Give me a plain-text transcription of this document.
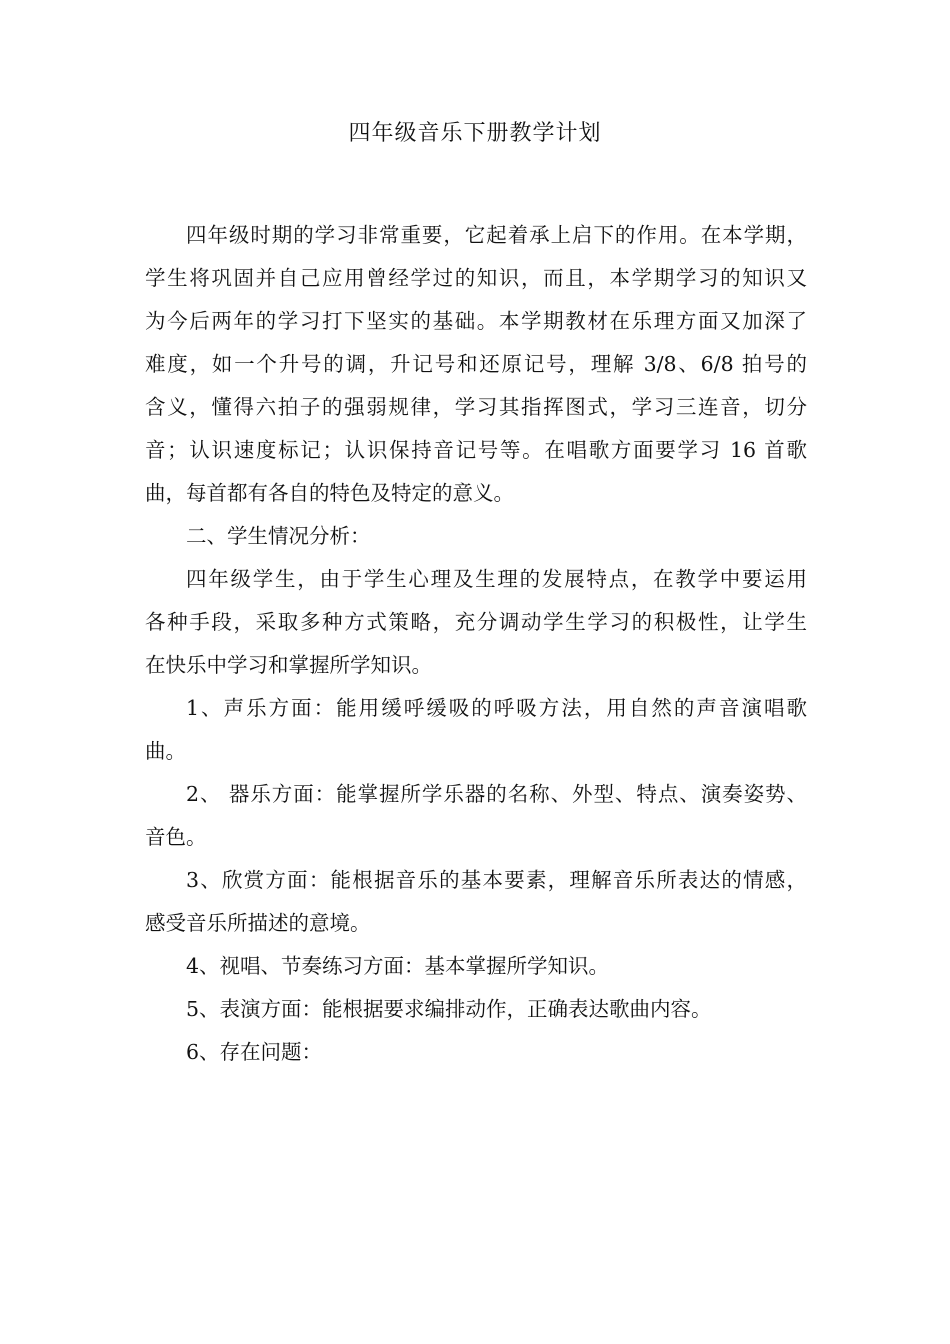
四年级音乐下册教学计划
四年级时期的学习非常重要，它起着承上启下的作用。在本学期，
学生将巩固并自己应用曾经学过的知识，而且，本学期学习的知识又
为今后两年的学习打下坚实的基础。本学期教材在乐理方面又加深了
难度，如一个升号的调，升记号和还原记号，理解 3/8、6/8 拍号的
含义，懂得六拍子的强弱规律，学习其指挥图式，学习三连音，切分
音；认识速度标记；认识保持音记号等。在唱歌方面要学习 16 首歌
曲，每首都有各自的特色及特定的意义。
二、学生情况分析：
四年级学生，由于学生心理及生理的发展特点，在教学中要运用
各种手段，采取多种方式策略，充分调动学生学习的积极性，让学生
在快乐中学习和掌握所学知识。
1、声乐方面：能用缓呼缓吸的呼吸方法，用自然的声音演唱歌
曲。
2、 器乐方面：能掌握所学乐器的名称、外型、特点、演奏姿势、
音色。
3、欣赏方面：能根据音乐的基本要素，理解音乐所表达的情感，
感受音乐所描述的意境。
4、视唱、节奏练习方面：基本掌握所学知识。
5、表演方面：能根据要求编排动作，正确表达歌曲内容。
6、存在问题：
